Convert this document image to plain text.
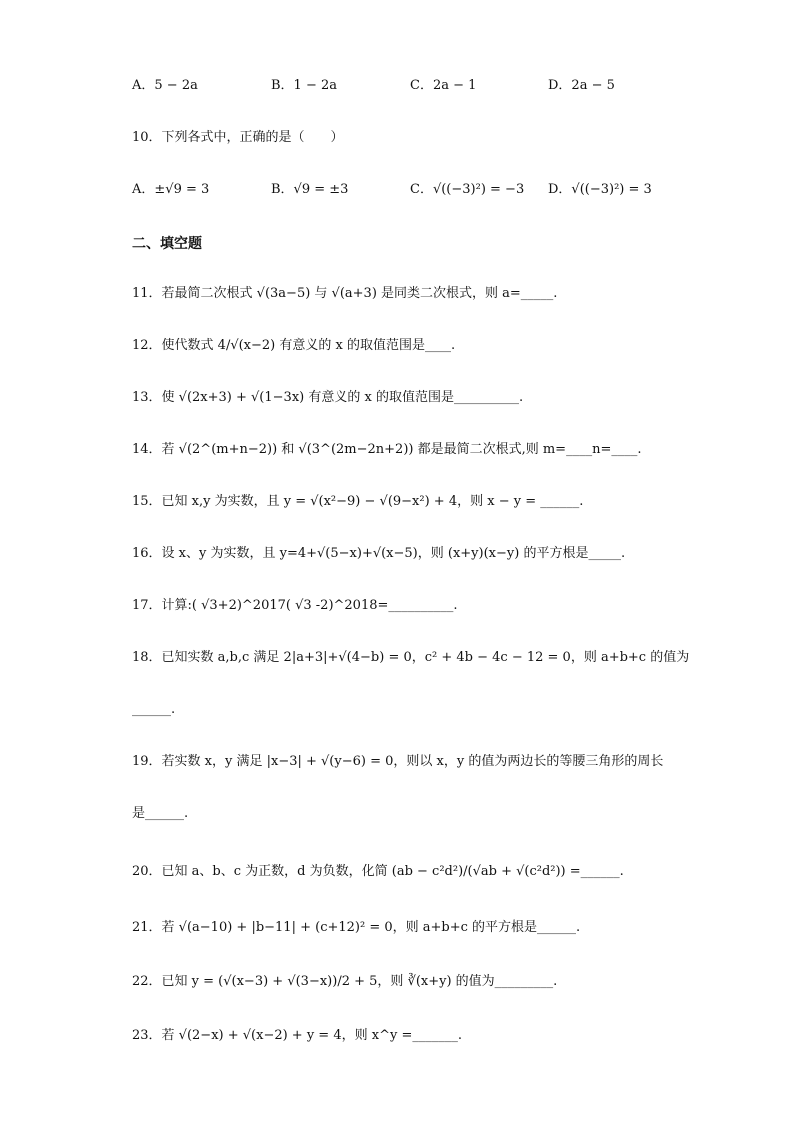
A．5 − 2a	B．1 − 2a	C．2a − 1	D．2a − 5
10．下列各式中，正确的是（　　）
A．±√9 = 3	B．√9 = ±3	C．√((−3)²) = −3 D．√((−3)²) = 3
二、填空题
11．若最简二次根式 √(3a−5) 与 √(a+3) 是同类二次根式，则 a=_____.
12．使代数式 4/√(x−2) 有意义的 x 的取值范围是____.
13．使 √(2x+3) + √(1−3x) 有意义的 x 的取值范围是__________.
14．若 √(2^(m+n−2)) 和 √(3^(2m−2n+2)) 都是最简二次根式,则 m=____n=____.
15．已知 x,y 为实数，且 y = √(x²−9) − √(9−x²) + 4，则 x − y = ______.
16．设 x、y 为实数，且 y=4+√(5−x)+√(x−5)，则 (x+y)(x−y) 的平方根是_____.
17．计算:( √3+2)^2017( √3 -2)^2018=__________.
18．已知实数 a,b,c 满足 2|a+3|+√(4−b) = 0，c² + 4b − 4c − 12 = 0，则 a+b+c 的值为
______.
19．若实数 x，y 满足 |x−3| + √(y−6) = 0，则以 x，y 的值为两边长的等腰三角形的周长
是______.
20．已知 a、b、c 为正数，d 为负数，化简 (ab − c²d²)/(√ab + √(c²d²)) =______.
21．若 √(a−10) + |b−11| + (c+12)² = 0，则 a+b+c 的平方根是______.
22．已知 y = (√(x−3) + √(3−x))/2 + 5，则 ∛(x+y) 的值为_________.
23．若 √(2−x) + √(x−2) + y = 4，则 x^y =_______.
